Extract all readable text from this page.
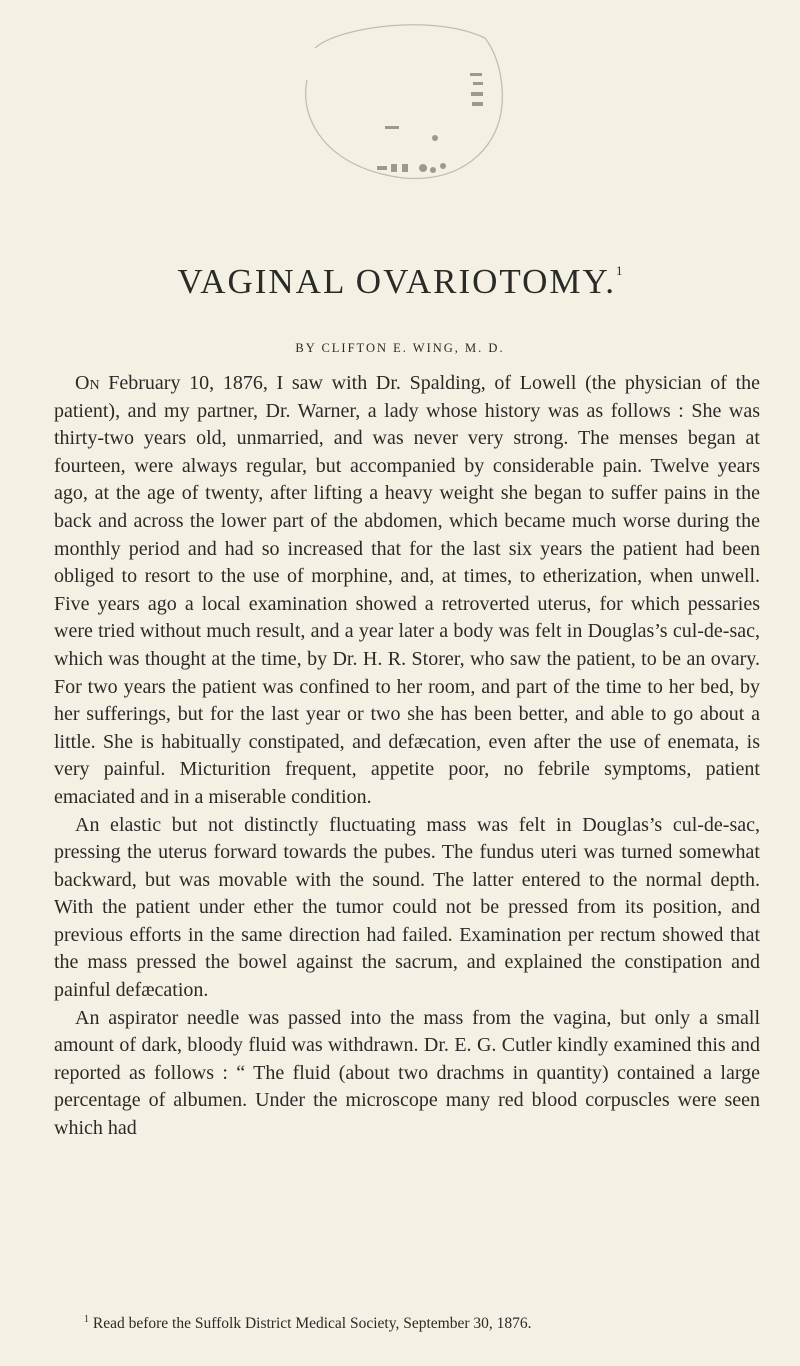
VAGINAL OVARIOTOMY.$^1$
BY CLIFTON E. WING, M. D.

On February 10, 1876, I saw with Dr. Spalding, of Lowell (the physician of the patient), and my partner, Dr. Warner, a lady whose history was as follows : She was thirty-two years old, unmarried, and was never very strong. The menses began at fourteen, were always regular, but accompanied by considerable pain. Twelve years ago, at the age of twenty, after lifting a heavy weight she began to suffer pains in the back and across the lower part of the abdomen, which became much worse during the monthly period and had so increased that for the last six years the patient had been obliged to resort to the use of morphine, and, at times, to etherization, when unwell. Five years ago a local examination showed a retroverted uterus, for which pessaries were tried without much result, and a year later a body was felt in Douglas’s cul-de-sac, which was thought at the time, by Dr. H. R. Storer, who saw the patient, to be an ovary. For two years the patient was confined to her room, and part of the time to her bed, by her sufferings, but for the last year or two she has been better, and able to go about a little. She is habitually constipated, and defæcation, even after the use of enemata, is very painful. Micturition frequent, appetite poor, no febrile symptoms, patient emaciated and in a miserable condition.

An elastic but not distinctly fluctuating mass was felt in Douglas’s cul-de-sac, pressing the uterus forward towards the pubes. The fundus uteri was turned somewhat backward, but was movable with the sound. The latter entered to the normal depth. With the patient under ether the tumor could not be pressed from its position, and previous efforts in the same direction had failed. Examination per rectum showed that the mass pressed the bowel against the sacrum, and explained the constipation and painful defæcation.

An aspirator needle was passed into the mass from the vagina, but only a small amount of dark, bloody fluid was withdrawn. Dr. E. G. Cutler kindly examined this and reported as follows : “ The fluid (about two drachms in quantity) contained a large percentage of albumen. Under the microscope many red blood corpuscles were seen which had

$^1$ Read before the Suffolk District Medical Society, September 30, 1876.
